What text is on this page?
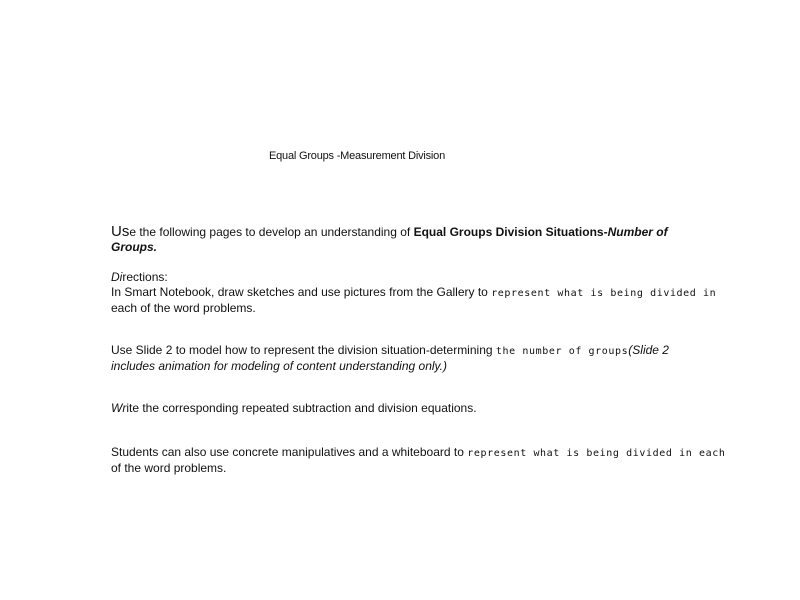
Equal Groups -Measurement Division
Use the following pages to develop an understanding of Equal Groups Division Situations-Number of
Groups.
Directions:
In Smart Notebook, draw sketches and use pictures from the Gallery to represent what is being divided in
each of the word problems.
Use Slide 2 to model how to represent the division situation-determining the number of groups(Slide 2
includes animation for modeling of content understanding only.)
Write the corresponding repeated subtraction and division equations.
Students can also use concrete manipulatives and a whiteboard to represent what is being divided in each
of the word problems.
